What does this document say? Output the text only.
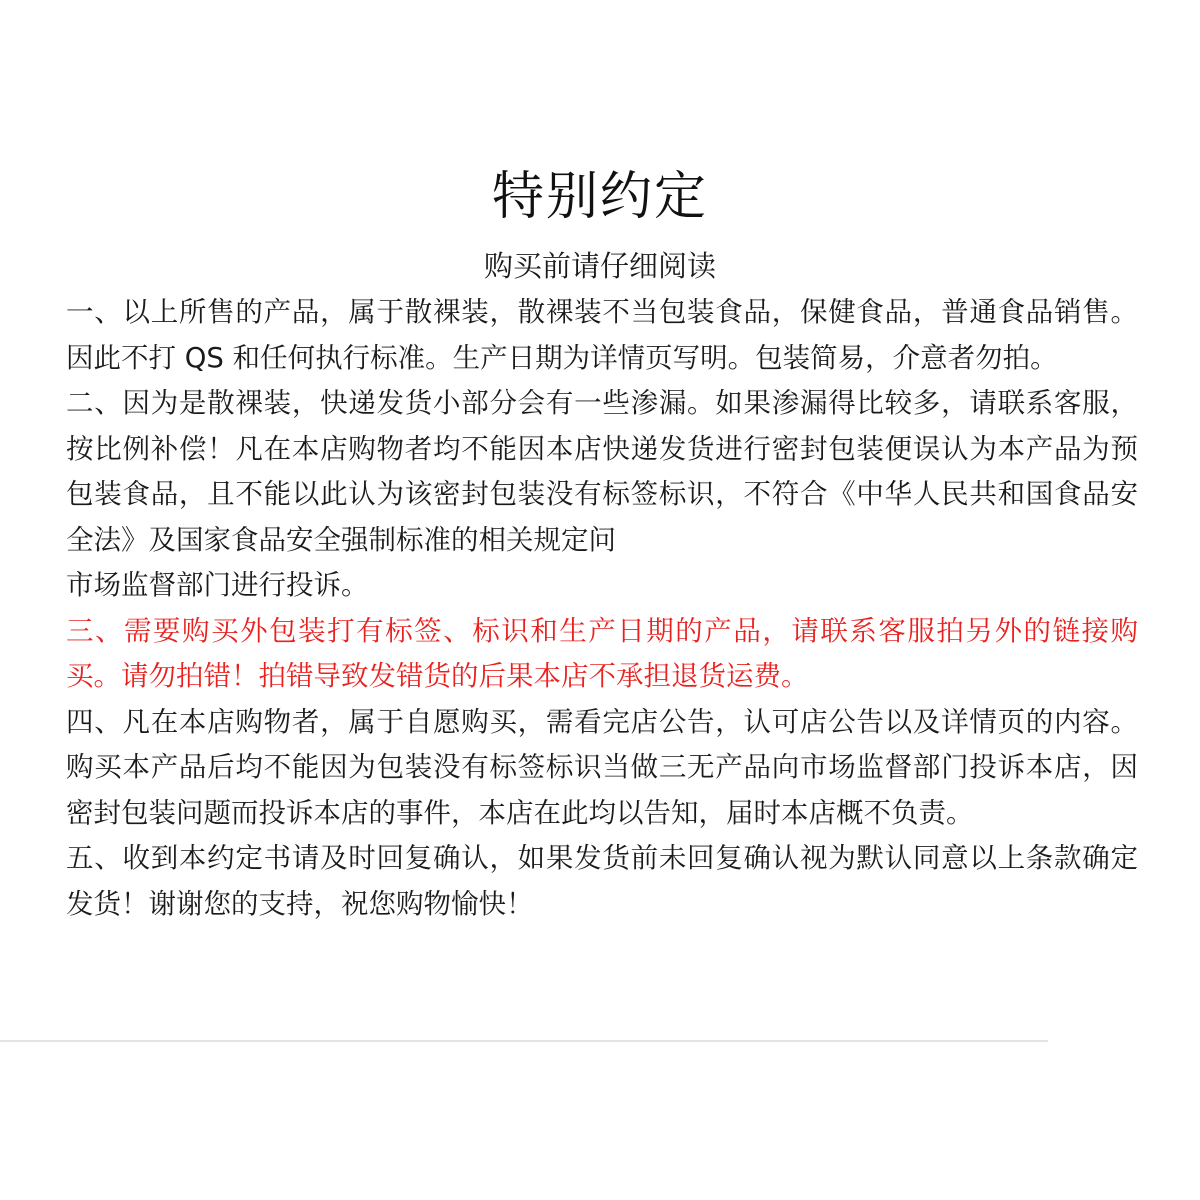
特别约定
购买前请仔细阅读

一、以上所售的产品，属于散裸装，散裸装不当包装食品，保健食品，普通食品销售。因此不打 QS 和任何执行标准。生产日期为详情页写明。包装简易，介意者勿拍。

二、因为是散裸装，快递发货小部分会有一些渗漏。如果渗漏得比较多，请联系客服，按比例补偿！凡在本店购物者均不能因本店快递发货进行密封包装便误认为本产品为预包装食品，且不能以此认为该密封包装没有标签标识，不符合《中华人民共和国食品安全法》及国家食品安全强制标准的相关规定问

市场监督部门进行投诉。

三、需要购买外包装打有标签、标识和生产日期的产品，请联系客服拍另外的链接购买。请勿拍错！拍错导致发错货的后果本店不承担退货运费。

四、凡在本店购物者，属于自愿购买，需看完店公告，认可店公告以及详情页的内容。购买本产品后均不能因为包装没有标签标识当做三无产品向市场监督部门投诉本店，因密封包装问题而投诉本店的事件，本店在此均以告知，届时本店概不负责。

五、收到本约定书请及时回复确认，如果发货前未回复确认视为默认同意以上条款确定发货！谢谢您的支持，祝您购物愉快！
